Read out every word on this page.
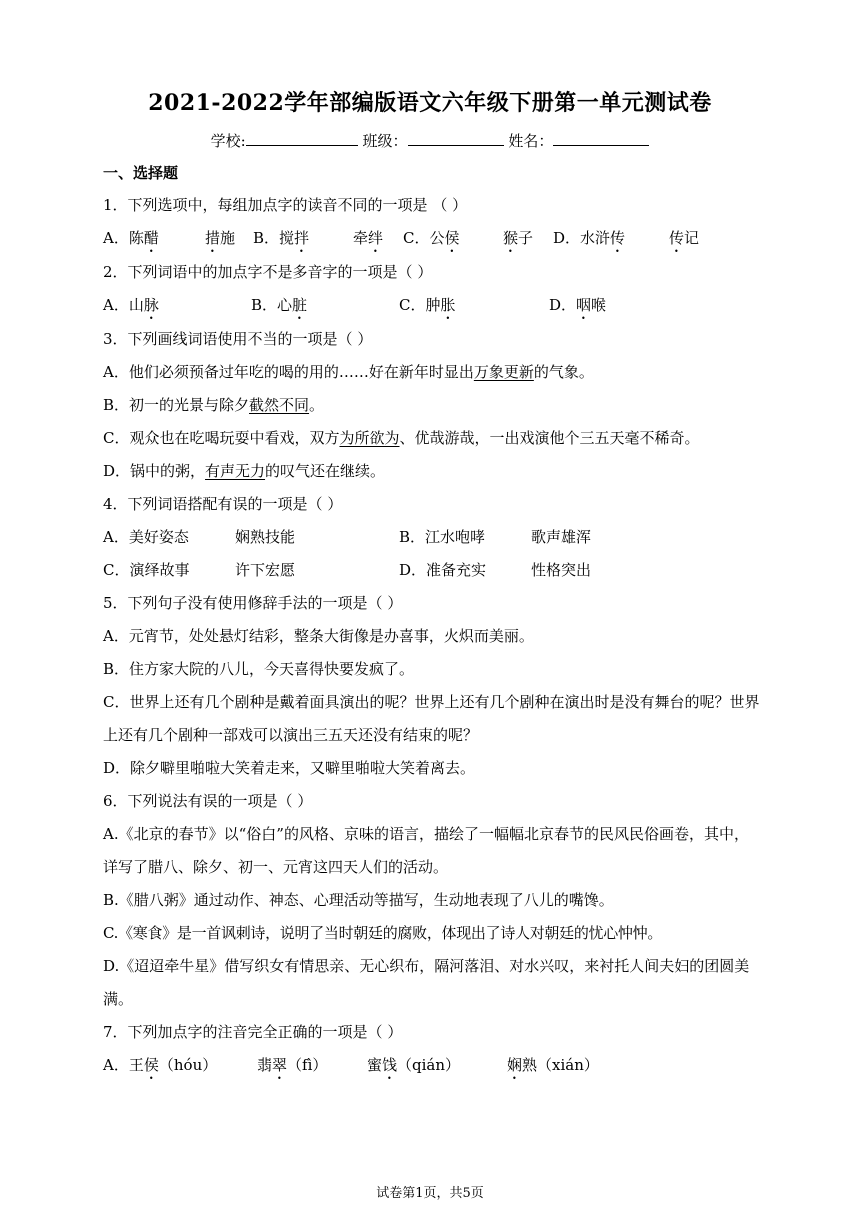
2021-2022学年部编版语文六年级下册第一单元测试卷
学校:	班级：	姓名：
一、选择题
1．下列选项中，每组加点字的读音不同的一项是 （ ）
A．陈醋	措施	B．搅拌	牵绊	C．公侯	猴子	D．水浒传	传记
2．下列词语中的加点字不是多音字的一项是（ ）
A．山脉	B．心脏	C．肿胀	D．咽喉
3．下列画线词语使用不当的一项是（ ）
A．他们必须预备过年吃的喝的用的……好在新年时显出万象更新的气象。
B．初一的光景与除夕截然不同。
C．观众也在吃喝玩耍中看戏，双方为所欲为、优哉游哉，一出戏演他个三五天毫不稀奇。
D．锅中的粥，有声无力的叹气还在继续。
4．下列词语搭配有误的一项是（ ）
A．美好姿态	娴熟技能	B．江水咆哮	歌声雄浑
C．演绎故事	许下宏愿	D．准备充实	性格突出
5．下列句子没有使用修辞手法的一项是（ ）
A．元宵节，处处悬灯结彩，整条大街像是办喜事，火炽而美丽。
B．住方家大院的八儿，今天喜得快要发疯了。
C．世界上还有几个剧种是戴着面具演出的呢？世界上还有几个剧种在演出时是没有舞台的呢？世界上还有几个剧种一部戏可以演出三五天还没有结束的呢？
D．除夕噼里啪啦大笑着走来，又噼里啪啦大笑着离去。
6．下列说法有误的一项是（ ）
A.《北京的春节》以“俗白”的风格、京味的语言，描绘了一幅幅北京春节的民风民俗画卷，其中，详写了腊八、除夕、初一、元宵这四天人们的活动。
B.《腊八粥》通过动作、神态、心理活动等描写，生动地表现了八儿的嘴馋。
C.《寒食》是一首讽刺诗，说明了当时朝廷的腐败，体现出了诗人对朝廷的忧心忡忡。
D.《迢迢牵牛星》借写织女有情思亲、无心织布，隔河落泪、对水兴叹，来衬托人间夫妇的团圆美满。
7．下列加点字的注音完全正确的一项是（ ）
A．王侯（hóu）	翡翠（fì）	蜜饯（qián）	娴熟（xián）
试卷第1页，共5页
